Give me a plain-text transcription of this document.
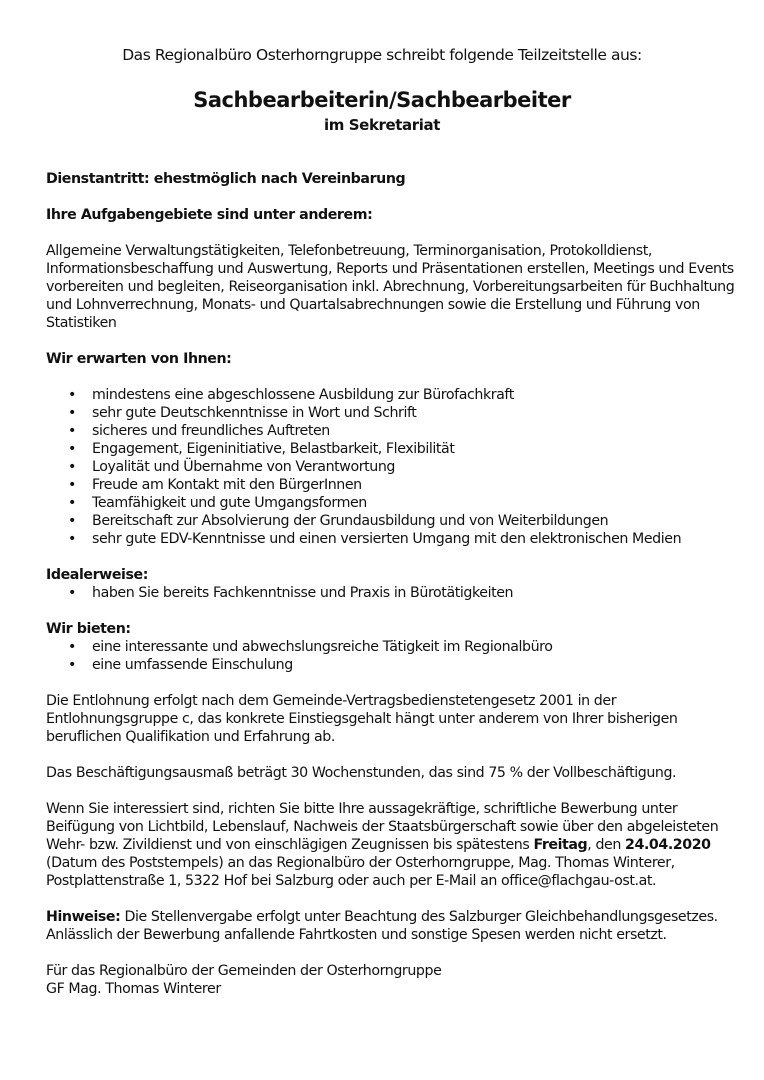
Das Regionalbüro Osterhorngruppe schreibt folgende Teilzeitstelle aus:
Sachbearbeiterin/Sachbearbeiter
im Sekretariat

Dienstantritt: ehestmöglich nach Vereinbarung

Ihre Aufgabengebiete sind unter anderem:

Allgemeine Verwaltungstätigkeiten, Telefonbetreuung, Terminorganisation, Protokolldienst, Informationsbeschaffung und Auswertung, Reports und Präsentationen erstellen, Meetings und Events vorbereiten und begleiten, Reiseorganisation inkl. Abrechnung, Vorbereitungsarbeiten für Buchhaltung und Lohnverrechnung, Monats- und Quartalsabrechnungen sowie die Erstellung und Führung von Statistiken

Wir erwarten von Ihnen:

• mindestens eine abgeschlossene Ausbildung zur Bürofachkraft
• sehr gute Deutschkenntnisse in Wort und Schrift
• sicheres und freundliches Auftreten
• Engagement, Eigeninitiative, Belastbarkeit, Flexibilität
• Loyalität und Übernahme von Verantwortung
• Freude am Kontakt mit den BürgerInnen
• Teamfähigkeit und gute Umgangsformen
• Bereitschaft zur Absolvierung der Grundausbildung und von Weiterbildungen
• sehr gute EDV-Kenntnisse und einen versierten Umgang mit den elektronischen Medien

Idealerweise:

• haben Sie bereits Fachkenntnisse und Praxis in Bürotätigkeiten

Wir bieten:

• eine interessante und abwechslungsreiche Tätigkeit im Regionalbüro
• eine umfassende Einschulung

Die Entlohnung erfolgt nach dem Gemeinde-Vertragsbedienstetengesetz 2001 in der Entlohnungsgruppe c, das konkrete Einstiegsgehalt hängt unter anderem von Ihrer bisherigen beruflichen Qualifikation und Erfahrung ab.

Das Beschäftigungsausmaß beträgt 30 Wochenstunden, das sind 75 % der Vollbeschäftigung.

Wenn Sie interessiert sind, richten Sie bitte Ihre aussagekräftige, schriftliche Bewerbung unter Beifügung von Lichtbild, Lebenslauf, Nachweis der Staatsbürgerschaft sowie über den abgeleisteten Wehr- bzw. Zivildienst und von einschlägigen Zeugnissen bis spätestens Freitag, den 24.04.2020 (Datum des Poststempels) an das Regionalbüro der Osterhorngruppe, Mag. Thomas Winterer, Postplattenstraße 1, 5322 Hof bei Salzburg oder auch per E-Mail an office@flachgau-ost.at.

Hinweise: Die Stellenvergabe erfolgt unter Beachtung des Salzburger Gleichbehandlungsgesetzes. Anlässlich der Bewerbung anfallende Fahrtkosten und sonstige Spesen werden nicht ersetzt.

Für das Regionalbüro der Gemeinden der Osterhorngruppe

GF Mag. Thomas Winterer
